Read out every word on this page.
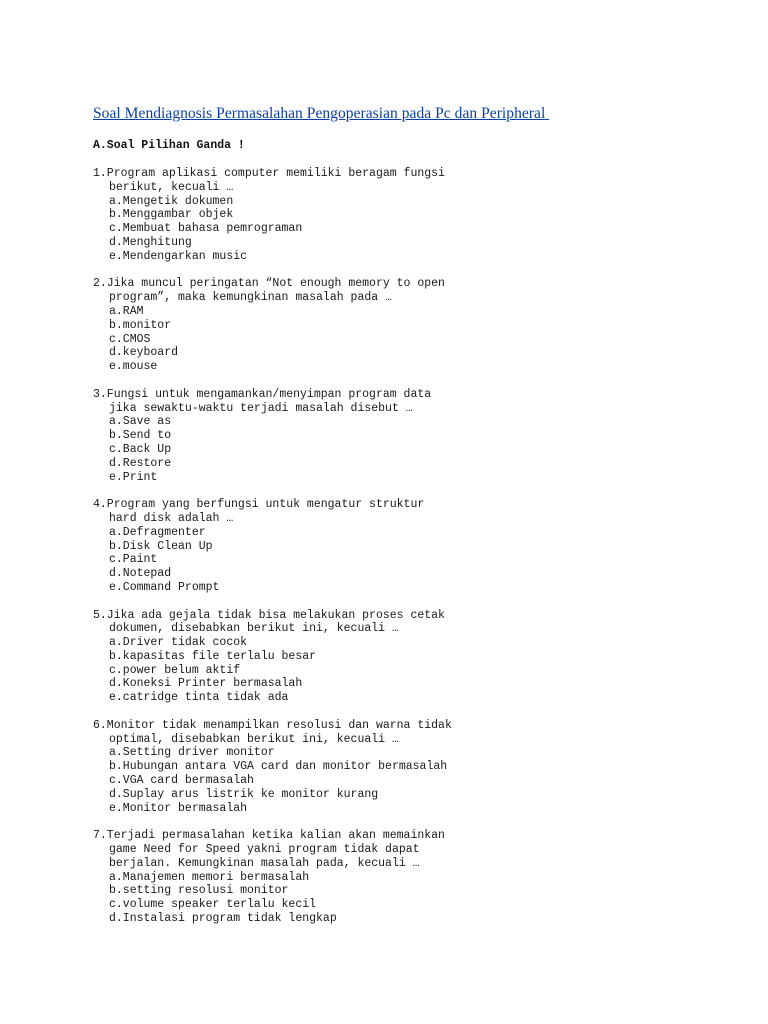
Soal Mendiagnosis Permasalahan Pengoperasian pada Pc dan Peripheral
A.Soal Pilihan Ganda !
1.Program aplikasi computer memiliki beragam fungsi
berikut, kecuali …
a.Mengetik dokumen
b.Menggambar objek
c.Membuat bahasa pemrograman
d.Menghitung
e.Mendengarkan music
2.Jika muncul peringatan “Not enough memory to open
program”, maka kemungkinan masalah pada …
a.RAM
b.monitor
c.CMOS
d.keyboard
e.mouse
3.Fungsi untuk mengamankan/menyimpan program data
jika sewaktu-waktu terjadi masalah disebut …
a.Save as
b.Send to
c.Back Up
d.Restore
e.Print
4.Program yang berfungsi untuk mengatur struktur
hard disk adalah …
a.Defragmenter
b.Disk Clean Up
c.Paint
d.Notepad
e.Command Prompt
5.Jika ada gejala tidak bisa melakukan proses cetak
dokumen, disebabkan berikut ini, kecuali …
a.Driver tidak cocok
b.kapasitas file terlalu besar
c.power belum aktif
d.Koneksi Printer bermasalah
e.catridge tinta tidak ada
6.Monitor tidak menampilkan resolusi dan warna tidak
optimal, disebabkan berikut ini, kecuali …
a.Setting driver monitor
b.Hubungan antara VGA card dan monitor bermasalah
c.VGA card bermasalah
d.Suplay arus listrik ke monitor kurang
e.Monitor bermasalah
7.Terjadi permasalahan ketika kalian akan memainkan
game Need for Speed yakni program tidak dapat
berjalan. Kemungkinan masalah pada, kecuali …
a.Manajemen memori bermasalah
b.setting resolusi monitor
c.volume speaker terlalu kecil
d.Instalasi program tidak lengkap
